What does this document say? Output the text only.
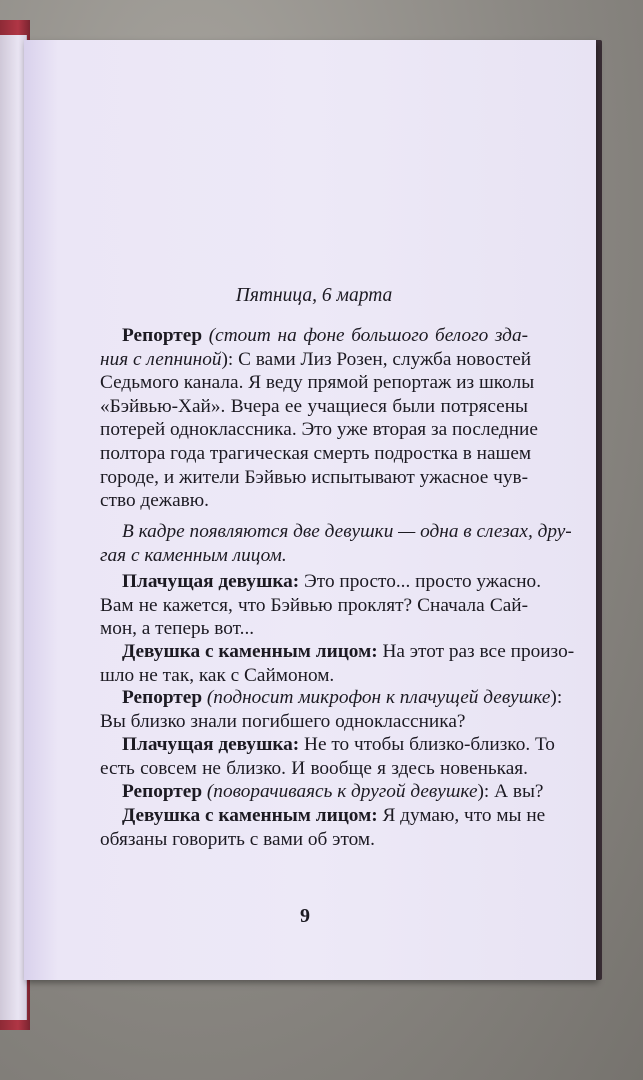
Пятница, 6 марта
Репортер (стоит на фоне большого белого зда-
ния с лепниной): С вами Лиз Розен, служба новостей
Седьмого канала. Я веду прямой репортаж из школы
«Бэйвью-Хай». Вчера ее учащиеся были потрясены
потерей одноклассника. Это уже вторая за последние
полтора года трагическая смерть подростка в нашем
городе, и жители Бэйвью испытывают ужасное чув-
ство дежавю.
В кадре появляются две девушки — одна в слезах, дру-
гая с каменным лицом.
Плачущая девушка: Это просто... просто ужасно.
Вам не кажется, что Бэйвью проклят? Сначала Сай-
мон, а теперь вот...
Девушка с каменным лицом: На этот раз все произо-
шло не так, как с Саймоном.
Репортер (подносит микрофон к плачущей девушке):
Вы близко знали погибшего одноклассника?
Плачущая девушка: Не то чтобы близко-близко. То
есть совсем не близко. И вообще я здесь новенькая.
Репортер (поворачиваясь к другой девушке): А вы?
Девушка с каменным лицом: Я думаю, что мы не
обязаны говорить с вами об этом.
9
